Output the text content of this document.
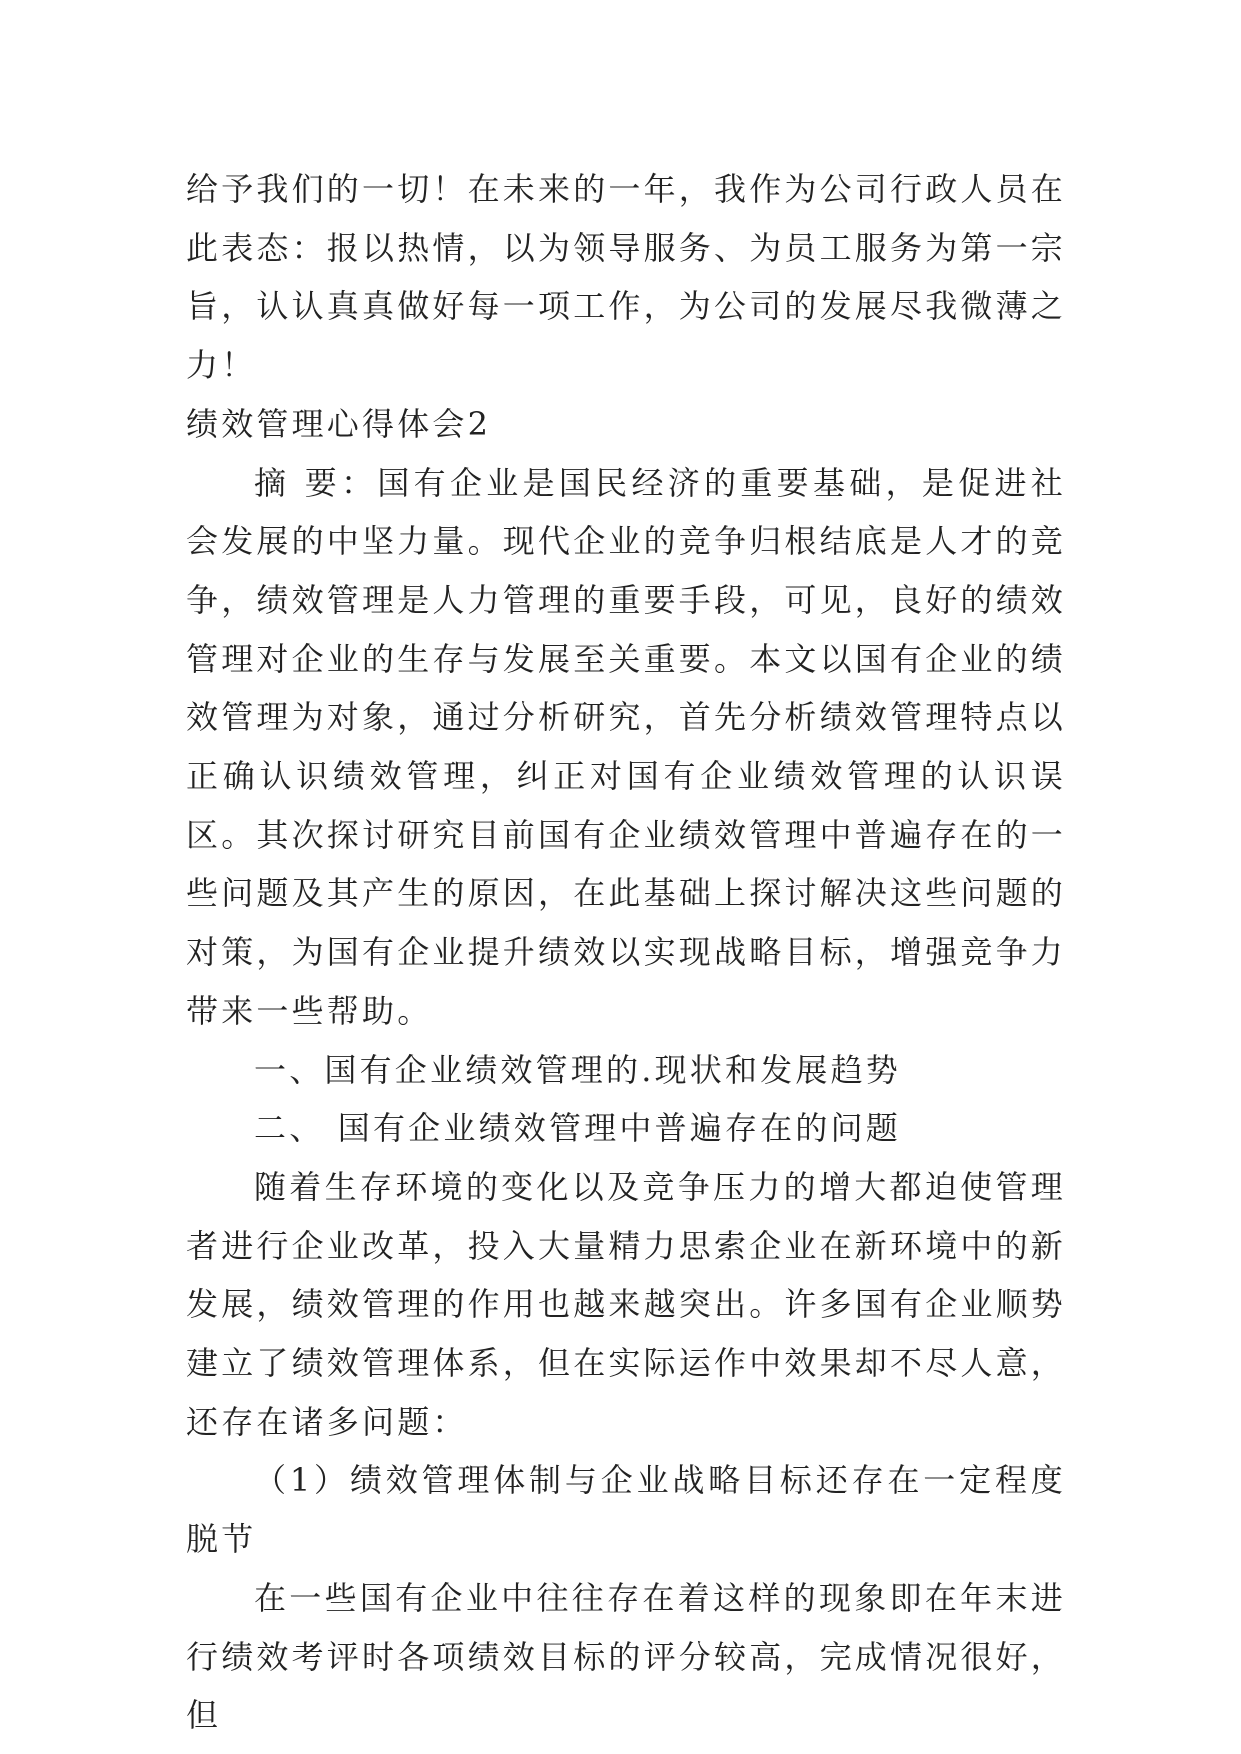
给予我们的一切！在未来的一年，我作为公司行政人员在此表态：报以热情，以为领导服务、为员工服务为第一宗旨，认认真真做好每一项工作，为公司的发展尽我微薄之力！

绩效管理心得体会2

摘 要：国有企业是国民经济的重要基础，是促进社会发展的中坚力量。现代企业的竞争归根结底是人才的竞争，绩效管理是人力管理的重要手段，可见，良好的绩效管理对企业的生存与发展至关重要。本文以国有企业的绩效管理为对象，通过分析研究，首先分析绩效管理特点以正确认识绩效管理，纠正对国有企业绩效管理的认识误区。其次探讨研究目前国有企业绩效管理中普遍存在的一些问题及其产生的原因，在此基础上探讨解决这些问题的对策，为国有企业提升绩效以实现战略目标，增强竞争力带来一些帮助。

一、国有企业绩效管理的.现状和发展趋势

二、 国有企业绩效管理中普遍存在的问题

随着生存环境的变化以及竞争压力的增大都迫使管理者进行企业改革，投入大量精力思索企业在新环境中的新发展，绩效管理的作用也越来越突出。许多国有企业顺势建立了绩效管理体系，但在实际运作中效果却不尽人意，还存在诸多问题：

（1）绩效管理体制与企业战略目标还存在一定程度脱节

在一些国有企业中往往存在着这样的现象即在年末进行绩效考评时各项绩效目标的评分较高，完成情况很好，但
